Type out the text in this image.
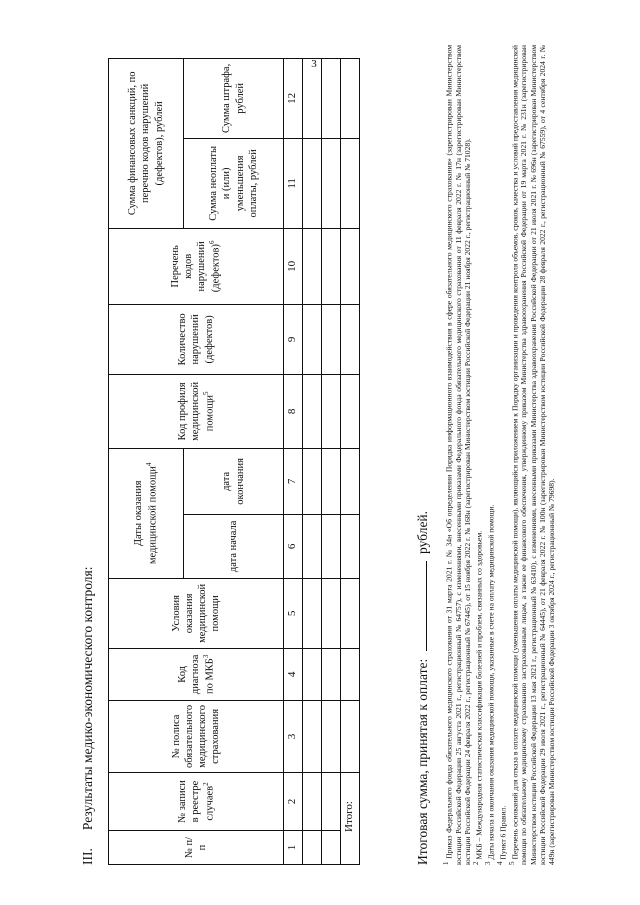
3
III.Результаты медико-экономического контроля:
№ п/п	№ записи в реестре случаев$^2$	№ полиса обязательного медицинского страхования	Код диагноза по МКБ$^3$	Условия оказания медицинской помощи	Даты оказания медицинской помощи$^4$		Код профиля медицинской помощи$^5$	Количество нарушений (дефектов)	Перечень кодов нарушений (дефектов)$^6$	Сумма финансовых санкций, по перечню кодов нарушений (дефектов), рублей	
					дата начала	дата окончания				Сумма неоплаты и (или) уменьшения оплаты, рублей	Сумма штрафа, рублей
1	2	3	4	5	6	7	8	9	10	11	12

Итого:												Итоговая сумма, принятая к оплате:  рублей.

$^1$ Приказ Федерального фонда обязательного медицинского страхования от 31 марта 2021 г. № 34н «Об определении Порядка информационного взаимодействия в сфере обязательного медицинского страхования» (зарегистрирован Министерством юстиции Российской Федерации 25 августа 2021 г., регистрационный № 64757), с изменениями, внесенными приказами Федерального фонда обязательного медицинского страхования от 11 февраля 2022 г. № 17н (зарегистрирован Министерством юстиции Российской Федерации 24 февраля 2022 г., регистрационный № 67445), от 15 ноября 2022 г. № 168н (зарегистрирован Министерством юстиции Российской Федерации 21 ноября 2022 г., регистрационный № 71028). $^2$ МКБ – Международная статистическая классификация болезней и проблем, связанных со здоровьем.

$^3$ Даты начала и окончания оказания медицинской помощи, указанные в счете на оплату медицинской помощи.

$^4$ Пункт 6 Правил.

$^5$ Перечень оснований для отказа в оплате медицинской помощи (уменьшения оплаты медицинской помощи), являющийся приложением к Порядку организации и проведения контроля объемов, сроков, качества и условий предоставления медицинской помощи по обязательному медицинскому страхованию застрахованным лицам, а также ее финансового обеспечения, утвержденному приказом Министерства здравоохранения Российской Федерации от 19 марта 2021 г. № 231н (зарегистрирован Министерством юстиции Российской Федерации 13 мая 2021 г., регистрационный № 63410), с изменениями, внесенными приказами Министерства здравоохранения Российской Федерации от 21 июля 2021 г. № 696н (зарегистрирован Министерством юстиции Российской Федерации 29 июля 2021 г., регистрационный № 64445), от 21 февраля 2022 г. № 100н (зарегистрирован Министерством юстиции Российской Федерации 28 февраля 2022 г., регистрационный № 67559), от 4 сентября 2024 г. № 449н (зарегистрирован Министерством юстиции Российской Федерации 3 октября 2024 г., регистрационный № 79698).
